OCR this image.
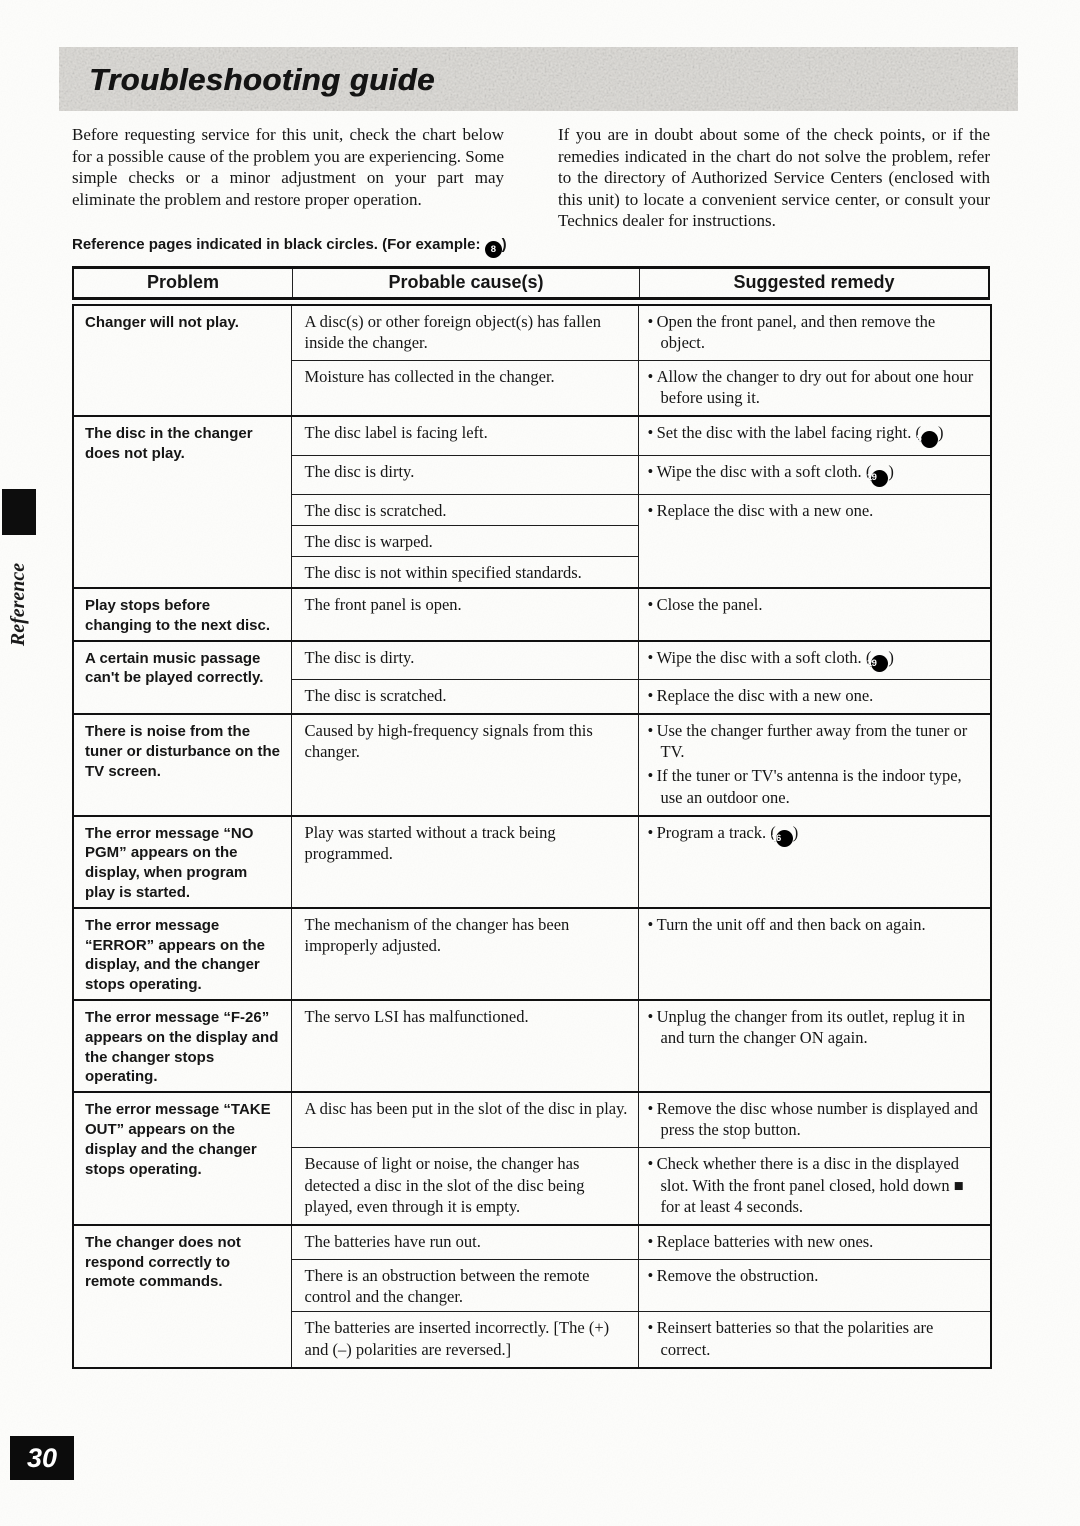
Troubleshooting guide

Before requesting service for this unit, check the chart below for a possible cause of the problem you are experiencing. Some simple checks or a minor adjustment on your part may eliminate the problem and restore proper operation.

If you are in doubt about some of the check points, or if the remedies indicated in the chart do not solve the problem, refer to the directory of Authorized Service Centers (enclosed with this unit) to locate a convenient service center, or consult your Technics dealer for instructions.

Reference pages indicated in black circles. (For example: 8 )
Problem	Probable cause(s)	Suggested remedy
Changer will not play.	A disc(s) or other foreign object(s) has fallen inside the changer.	• Open the front panel, and then remove the object.

	Moisture has collected in the changer.	• Allow the changer to dry out for about one hour before using it.

The disc in the changer does not play.	The disc label is facing left.	• Set the disc with the label facing right. ( 8 )

	The disc is dirty.	• Wipe the disc with a soft cloth. ( 29 )

	The disc is scratched.	• Replace the disc with a new one.

	The disc is warped.	
	The disc is not within specified standards.	
Play stops before changing to the next disc.	The front panel is open.	• Close the panel.

A certain music passage can't be played correctly.	The disc is dirty.	• Wipe the disc with a soft cloth. ( 29 )

	The disc is scratched.	• Replace the disc with a new one.

There is noise from the tuner or disturbance on the TV screen.	Caused by high-frequency signals from this changer.	• Use the changer further away from the tuner or TV.
• If the tuner or TV's antenna is the indoor type, use an outdoor one.

The error message “NO PGM” appears on the display, when program play is started.	Play was started without a track being programmed.	• Program a track. ( 16 )

The error message “ERROR” appears on the display, and the changer stops operating.	The mechanism of the changer has been improperly adjusted.	• Turn the unit off and then back on again.

The error message “F-26” appears on the display and the changer stops operating.	The servo LSI has malfunctioned.	• Unplug the changer from its outlet, replug it in and turn the changer ON again.

The error message “TAKE OUT” appears on the display and the changer stops operating.	A disc has been put in the slot of the disc in play.	• Remove the disc whose number is displayed and press the stop button.

	Because of light or noise, the changer has detected a disc in the slot of the disc being played, even through it is empty.	• Check whether there is a disc in the displayed slot. With the front panel closed, hold down ■ for at least 4 seconds.

The changer does not respond correctly to remote commands.	The batteries have run out.	• Replace batteries with new ones.

	There is an obstruction between the remote control and the changer.	• Remove the obstruction.

	The batteries are inserted incorrectly. [The (+) and (–) polarities are reversed.]	• Reinsert batteries so that the polarities are correct.
Reference
30
